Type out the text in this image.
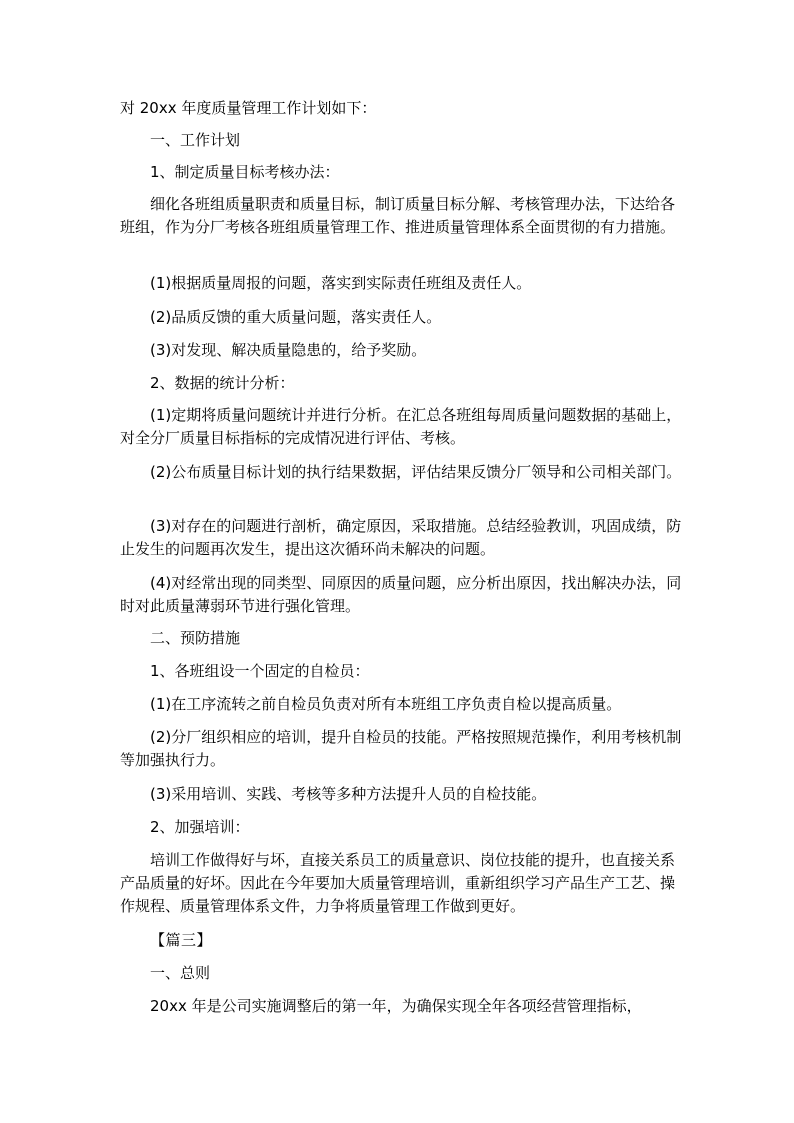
对 20xx 年度质量管理工作计划如下：

一、工作计划

1、制定质量目标考核办法：

细化各班组质量职责和质量目标，制订质量目标分解、考核管理办法，下达给各班组，作为分厂考核各班组质量管理工作、推进质量管理体系全面贯彻的有力措施。

(1)根据质量周报的问题，落实到实际责任班组及责任人。

(2)品质反馈的重大质量问题，落实责任人。

(3)对发现、解决质量隐患的，给予奖励。

2、数据的统计分析：

(1)定期将质量问题统计并进行分析。在汇总各班组每周质量问题数据的基础上，对全分厂质量目标指标的完成情况进行评估、考核。

(2)公布质量目标计划的执行结果数据，评估结果反馈分厂领导和公司相关部门。

(3)对存在的问题进行剖析，确定原因，采取措施。总结经验教训，巩固成绩，防止发生的问题再次发生，提出这次循环尚未解决的问题。

(4)对经常出现的同类型、同原因的质量问题，应分析出原因，找出解决办法，同时对此质量薄弱环节进行强化管理。

二、预防措施

1、各班组设一个固定的自检员：

(1)在工序流转之前自检员负责对所有本班组工序负责自检以提高质量。

(2)分厂组织相应的培训，提升自检员的技能。严格按照规范操作，利用考核机制等加强执行力。

(3)采用培训、实践、考核等多种方法提升人员的自检技能。

2、加强培训：

培训工作做得好与坏，直接关系员工的质量意识、岗位技能的提升，也直接关系产品质量的好坏。因此在今年要加大质量管理培训，重新组织学习产品生产工艺、操作规程、质量管理体系文件，力争将质量管理工作做到更好。

【篇三】

一、总则

20xx 年是公司实施调整后的第一年，为确保实现全年各项经营管理指标，
